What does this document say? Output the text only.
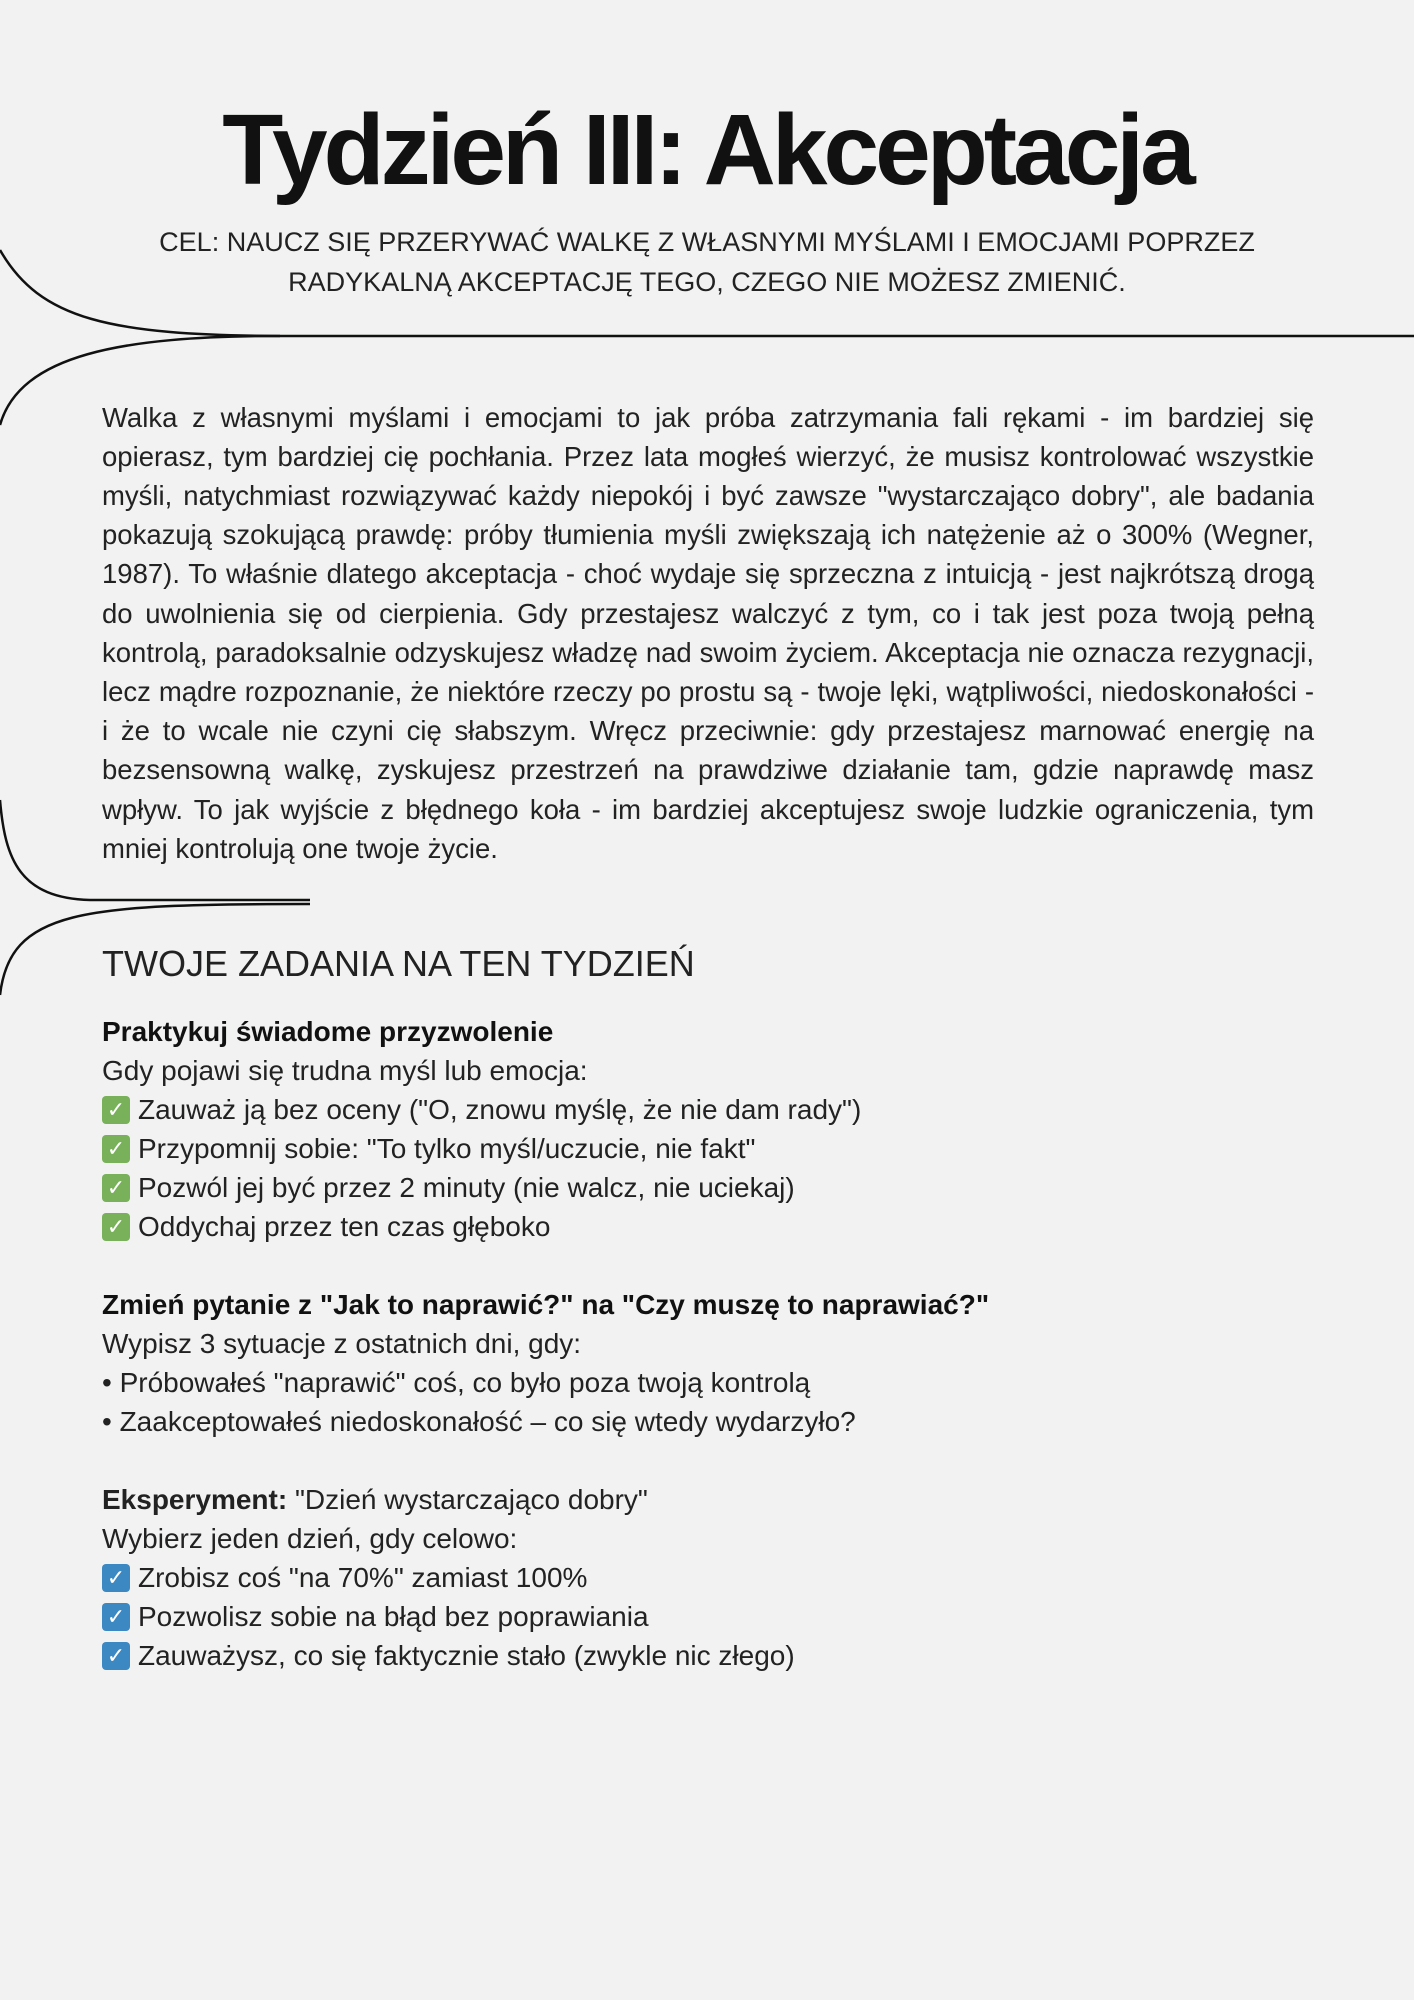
Tydzień III: Akceptacja
CEL: NAUCZ SIĘ PRZERYWAĆ WALKĘ Z WŁASNYMI MYŚLAMI I EMOCJAMI POPRZEZ
RADYKALNĄ AKCEPTACJĘ TEGO, CZEGO NIE MOŻESZ ZMIENIĆ.

Walka z własnymi myślami i emocjami to jak próba zatrzymania fali rękami - im bardziej się opierasz, tym bardziej cię pochłania. Przez lata mogłeś wierzyć, że musisz kontrolować wszystkie myśli, natychmiast rozwiązywać każdy niepokój i być zawsze "wystarczająco dobry", ale badania pokazują szokującą prawdę: próby tłumienia myśli zwiększają ich natężenie aż o 300% (Wegner, 1987). To właśnie dlatego akceptacja - choć wydaje się sprzeczna z intuicją - jest najkrótszą drogą do uwolnienia się od cierpienia. Gdy przestajesz walczyć z tym, co i tak jest poza twoją pełną kontrolą, paradoksalnie odzyskujesz władzę nad swoim życiem. Akceptacja nie oznacza rezygnacji, lecz mądre rozpoznanie, że niektóre rzeczy po prostu są - twoje lęki, wątpliwości, niedoskonałości - i że to wcale nie czyni cię słabszym. Wręcz przeciwnie: gdy przestajesz marnować energię na bezsensowną walkę, zyskujesz przestrzeń na prawdziwe działanie tam, gdzie naprawdę masz wpływ. To jak wyjście z błędnego koła - im bardziej akceptujesz swoje ludzkie ograniczenia, tym mniej kontrolują one twoje życie.

TWOJE ZADANIA NA TEN TYDZIEŃ
Praktykuj świadome przyzwolenie
Gdy pojawi się trudna myśl lub emocja:
✓ Zauważ ją bez oceny ("O, znowu myślę, że nie dam rady")
✓ Przypomnij sobie: "To tylko myśl/uczucie, nie fakt"
✓ Pozwól jej być przez 2 minuty (nie walcz, nie uciekaj)
✓ Oddychaj przez ten czas głęboko
Zmień pytanie z "Jak to naprawić?" na "Czy muszę to naprawiać?"
Wypisz 3 sytuacje z ostatnich dni, gdy:
• Próbowałeś "naprawić" coś, co było poza twoją kontrolą
• Zaakceptowałeś niedoskonałość – co się wtedy wydarzyło?
Eksperyment: "Dzień wystarczająco dobry"
Wybierz jeden dzień, gdy celowo:
✓ Zrobisz coś "na 70%" zamiast 100%
✓ Pozwolisz sobie na błąd bez poprawiania
✓ Zauważysz, co się faktycznie stało (zwykle nic złego)
